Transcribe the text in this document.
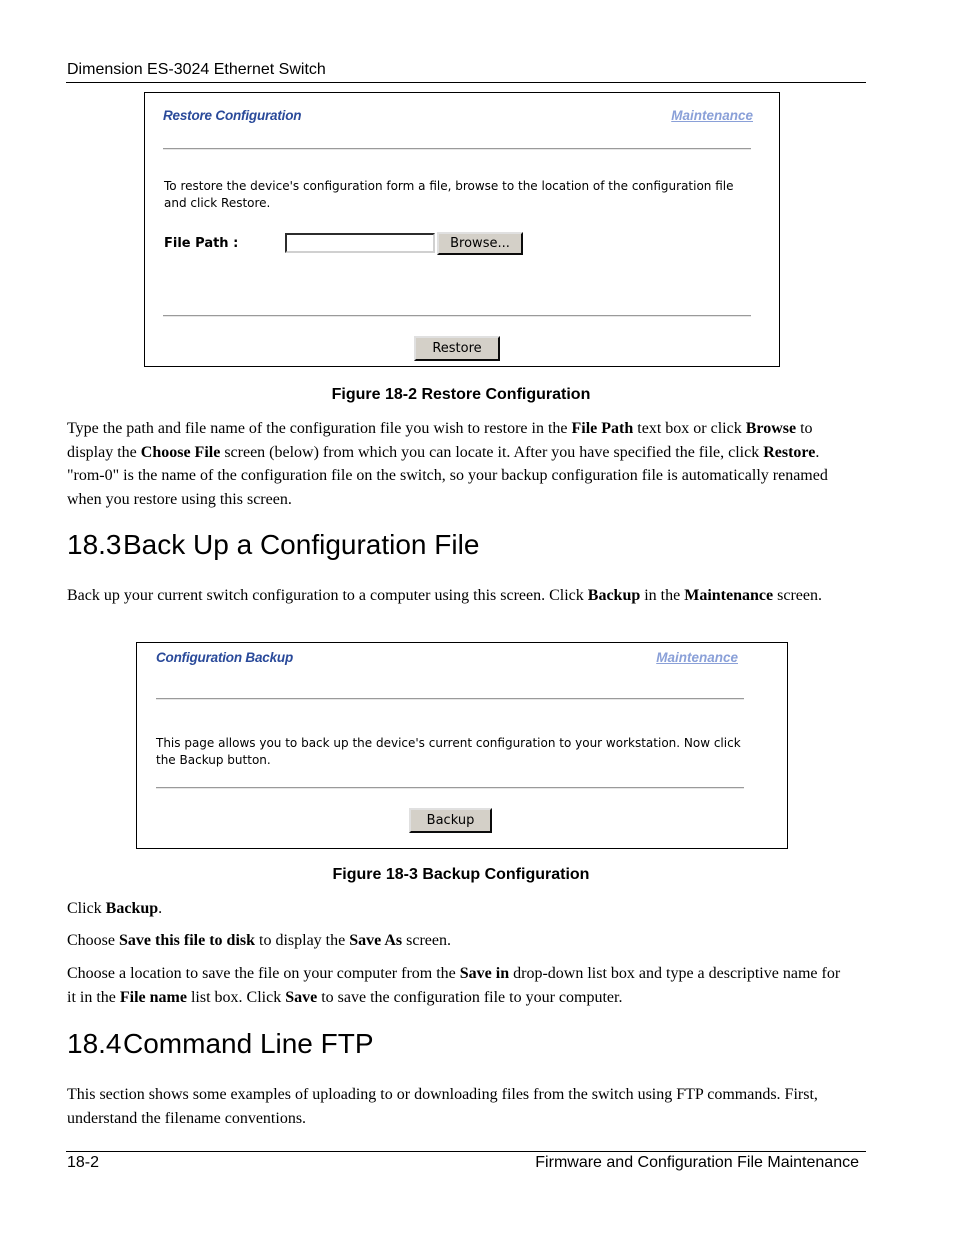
Dimension ES-3024 Ethernet Switch
Restore Configuration	Maintenance
To restore the device's configuration form a file, browse to the location of the configuration file and click Restore.
File Path :	Browse...
Restore
Figure 18-2 Restore Configuration
Type the path and file name of the configuration file you wish to restore in the File Path text box or click Browse to display the Choose File screen (below) from which you can locate it. After you have specified the file, click Restore. "rom-0" is the name of the configuration file on the switch, so your backup configuration file is automatically renamed when you restore using this screen.
18.3Back Up a Configuration File
Back up your current switch configuration to a computer using this screen. Click Backup in the Maintenance screen.
Configuration Backup	Maintenance
This page allows you to back up the device's current configuration to your workstation. Now click the Backup button.
Backup
Figure 18-3 Backup Configuration
Click Backup.
Choose Save this file to disk to display the Save As screen.
Choose a location to save the file on your computer from the Save in drop-down list box and type a descriptive name for it in the File name list box. Click Save to save the configuration file to your computer.
18.4Command Line FTP
This section shows some examples of uploading to or downloading files from the switch using FTP commands. First, understand the filename conventions.
18-2	Firmware and Configuration File Maintenance
